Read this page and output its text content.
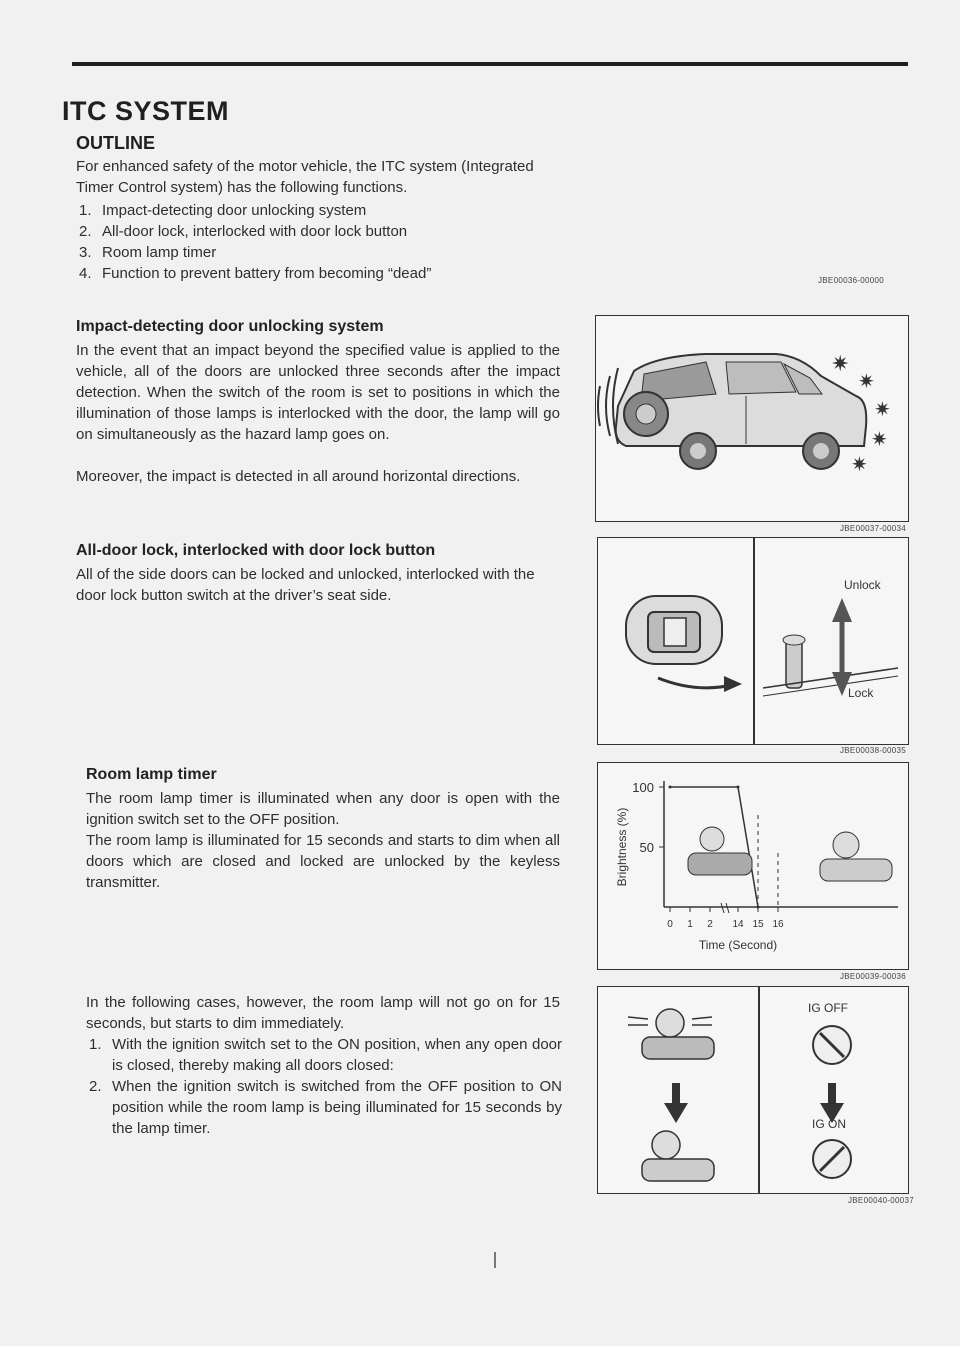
ITC SYSTEM
OUTLINE

For enhanced safety of the motor vehicle, the ITC system (Integrated Timer Control system) has the following functions.

1. Impact-detecting door unlocking system
2. All-door lock, interlocked with door lock button
3. Room lamp timer
4. Function to prevent battery from becoming “dead”	JBE00036-00000
Impact-detecting door unlocking system

In the event that an impact beyond the specified value is applied to the vehicle, all of the doors are unlocked three seconds after the impact detection. When the switch of the room is set to positions in which the illumination of those lamps is interlocked with the door, the lamp will go on simultaneously as the hazard lamp goes on.

Moreover, the impact is detected in all around horizontal directions.

✷
✷
✷
✷
✷
JBE00037-00034
All-door lock, interlocked with door lock button

All of the side doors can be locked and unlocked, interlocked with the door lock button switch at the driver’s seat side.

Unlock
Lock
JBE00038-00035
Room lamp timer

The room lamp timer is illuminated when any door is open with the ignition switch set to the OFF position.

The room lamp is illuminated for 15 seconds and starts to dim when all doors which are closed and locked are unlocked by the keyless transmitter.

100
50
0 1 2 14 15 16
Brightness (%)
Time (Second)
JBE00039-00036

In the following cases, however, the room lamp will not go on for 15 seconds, but starts to dim immediately.

1. With the ignition switch set to the ON position, when any open door is closed, thereby making all doors closed:
2. When the ignition switch is switched from the OFF position to ON position while the room lamp is being illuminated for 15 seconds by the lamp timer.
IG OFF
IG ON
JBE00040-00037
